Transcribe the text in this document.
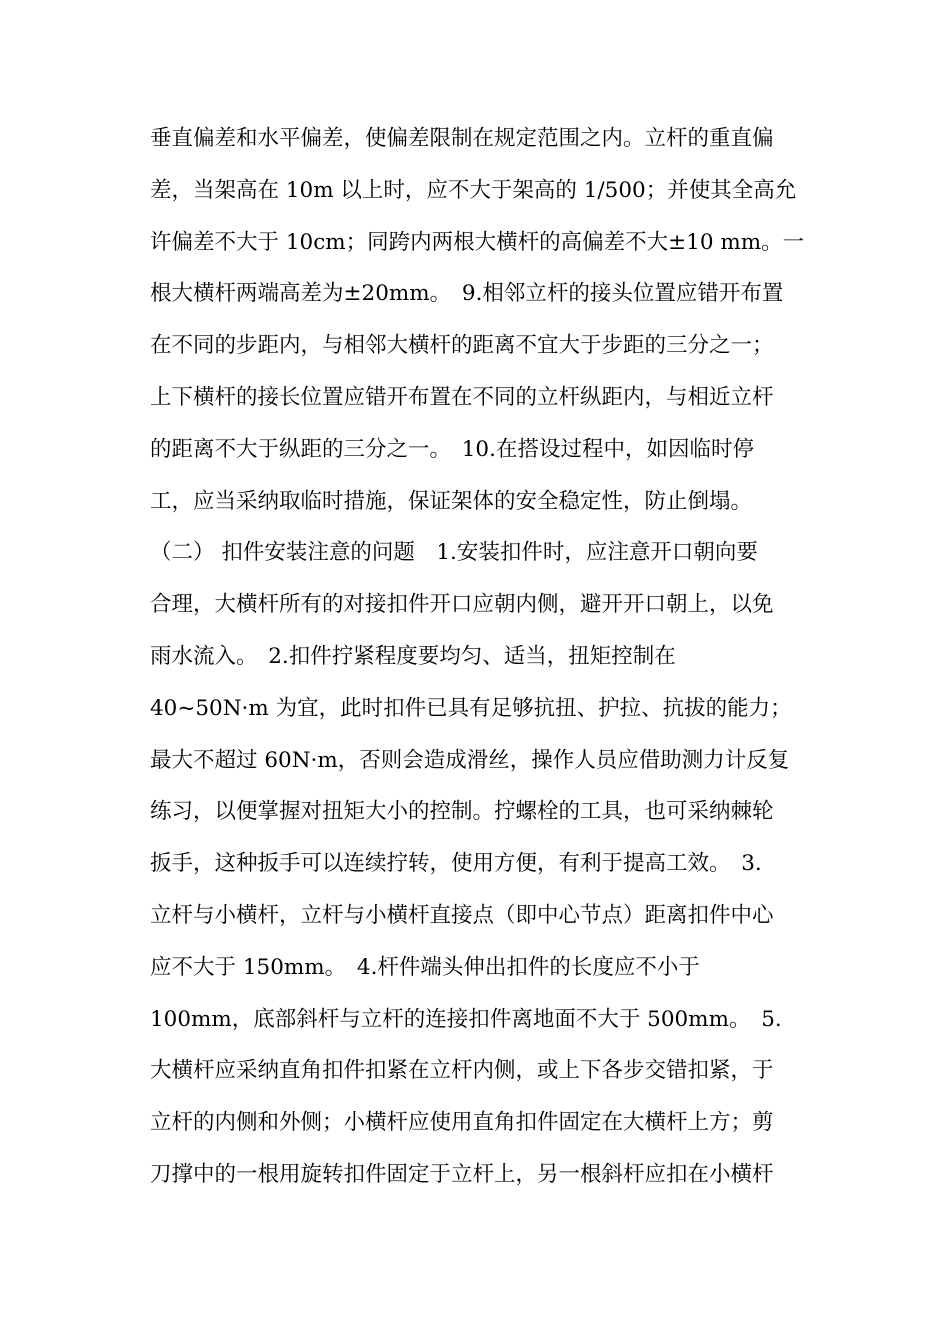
垂直偏差和水平偏差，使偏差限制在规定范围之内。立杆的重直偏
差，当架高在 10m 以上时，应不大于架高的 1/500；并使其全高允
许偏差不大于 10cm；同跨内两根大横杆的高偏差不大±10 mm。一
根大横杆两端高差为±20mm。　9.相邻立杆的接头位置应错开布置
在不同的步距内，与相邻大横杆的距离不宜大于步距的三分之一；
上下横杆的接长位置应错开布置在不同的立杆纵距内，与相近立杆
的距离不大于纵距的三分之一。　10.在搭设过程中，如因临时停
工，应当采纳取临时措施，保证架体的安全稳定性，防止倒塌。
（二） 扣件安装注意的问题　1.安装扣件时，应注意开口朝向要
合理，大横杆所有的对接扣件开口应朝内侧，避开开口朝上，以免
雨水流入。　2.扣件拧紧程度要均匀、适当，扭矩控制在
40~50N·m 为宜，此时扣件已具有足够抗扭、护拉、抗拔的能力；
最大不超过 60N·m，否则会造成滑丝，操作人员应借助测力计反复
练习，以便掌握对扭矩大小的控制。拧螺栓的工具，也可采纳棘轮
扳手，这种扳手可以连续拧转，使用方便，有利于提高工效。　3.
立杆与小横杆，立杆与小横杆直接点（即中心节点）距离扣件中心
应不大于 150mm。　4.杆件端头伸出扣件的长度应不小于
100mm，底部斜杆与立杆的连接扣件离地面不大于 500mm。　5.
大横杆应采纳直角扣件扣紧在立杆内侧，或上下各步交错扣紧，于
立杆的内侧和外侧；小横杆应使用直角扣件固定在大横杆上方；剪
刀撑中的一根用旋转扣件固定于立杆上，另一根斜杆应扣在小横杆
